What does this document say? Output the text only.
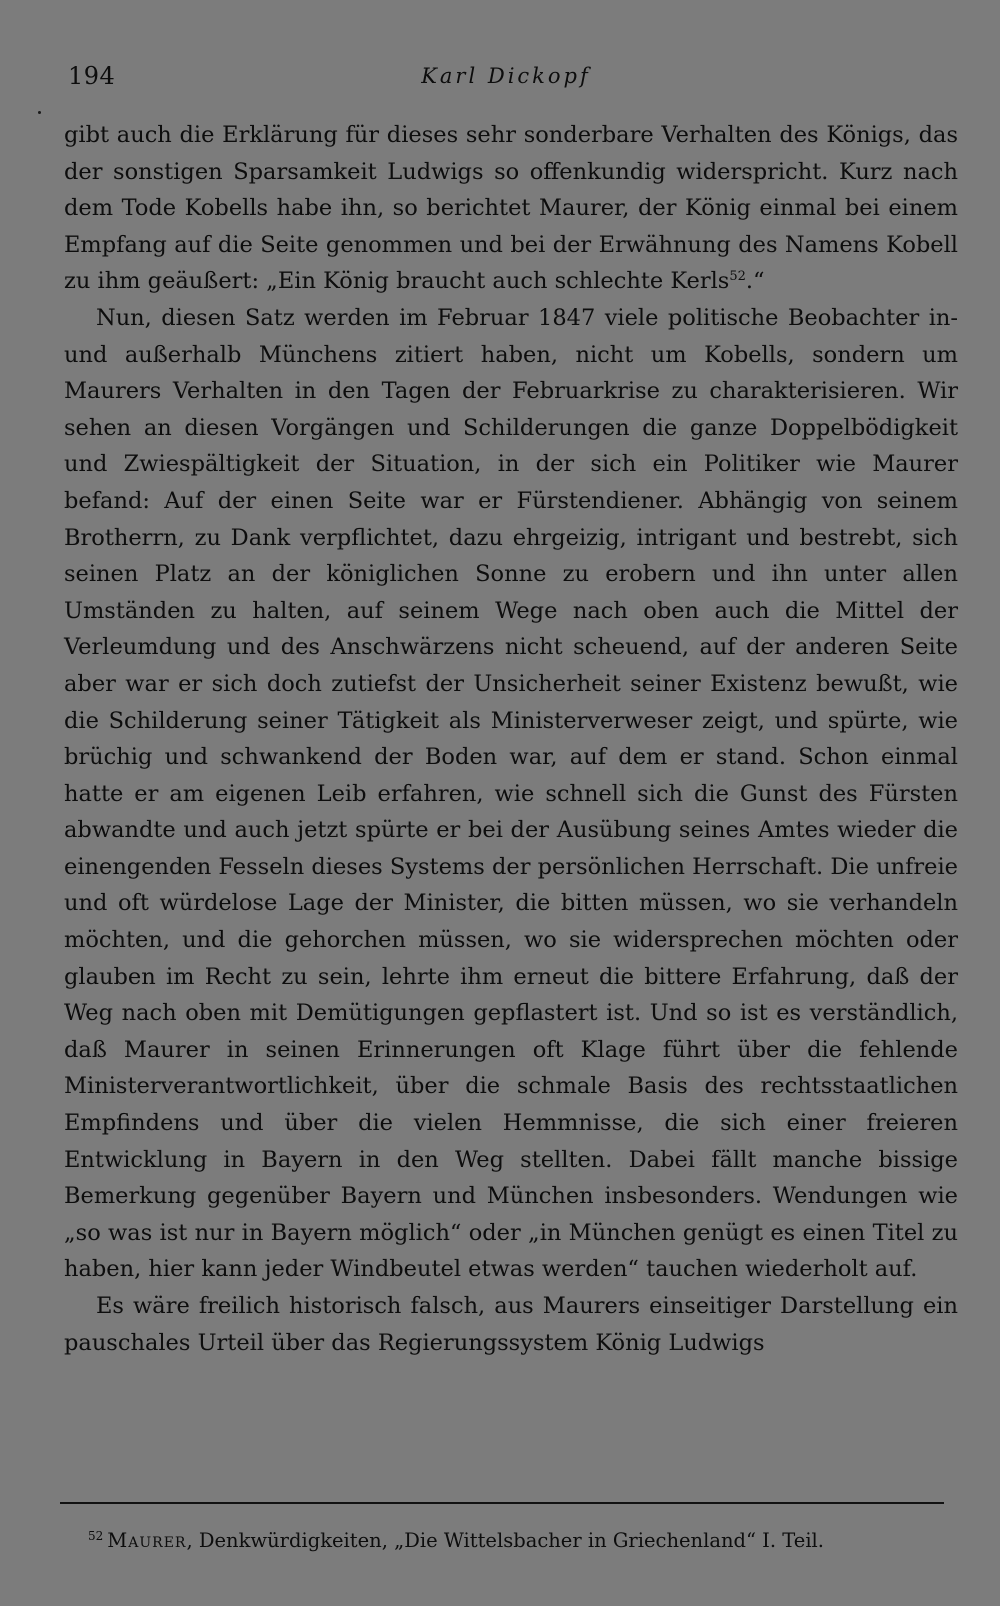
194	Karl Dickopf

gibt auch die Erklärung für dieses sehr sonderbare Verhalten des Königs, das der sonstigen Sparsamkeit Ludwigs so offenkundig widerspricht. Kurz nach dem Tode Kobells habe ihn, so berichtet Maurer, der König einmal bei einem Empfang auf die Seite genommen und bei der Erwähnung des Namens Kobell zu ihm geäußert: „Ein König braucht auch schlechte Kerls$^{52}$.“

Nun, diesen Satz werden im Februar 1847 viele politische Beobachter in- und außerhalb Münchens zitiert haben, nicht um Kobells, sondern um Maurers Verhalten in den Tagen der Februarkrise zu charakterisieren. Wir sehen an diesen Vorgängen und Schilderungen die ganze Doppelbödigkeit und Zwiespältigkeit der Situation, in der sich ein Politiker wie Maurer befand: Auf der einen Seite war er Fürstendiener. Abhängig von seinem Brotherrn, zu Dank verpflichtet, dazu ehrgeizig, intrigant und bestrebt, sich seinen Platz an der königlichen Sonne zu erobern und ihn unter allen Umständen zu halten, auf seinem Wege nach oben auch die Mittel der Verleumdung und des Anschwärzens nicht scheuend, auf der anderen Seite aber war er sich doch zutiefst der Unsicherheit seiner Existenz bewußt, wie die Schilderung seiner Tätigkeit als Ministerverweser zeigt, und spürte, wie brüchig und schwankend der Boden war, auf dem er stand. Schon einmal hatte er am eigenen Leib erfahren, wie schnell sich die Gunst des Fürsten abwandte und auch jetzt spürte er bei der Ausübung seines Amtes wieder die einengenden Fesseln dieses Systems der persönlichen Herrschaft. Die unfreie und oft würdelose Lage der Minister, die bitten müssen, wo sie verhandeln möchten, und die gehorchen müssen, wo sie widersprechen möchten oder glauben im Recht zu sein, lehrte ihm erneut die bittere Erfahrung, daß der Weg nach oben mit Demütigungen gepflastert ist. Und so ist es verständlich, daß Maurer in seinen Erinnerungen oft Klage führt über die fehlende Ministerverantwortlichkeit, über die schmale Basis des rechtsstaatlichen Empfindens und über die vielen Hemmnisse, die sich einer freieren Entwicklung in Bayern in den Weg stellten. Dabei fällt manche bissige Bemerkung gegenüber Bayern und München insbesonders. Wendungen wie „so was ist nur in Bayern möglich“ oder „in München genügt es einen Titel zu haben, hier kann jeder Windbeutel etwas werden“ tauchen wiederholt auf.

Es wäre freilich historisch falsch, aus Maurers einseitiger Darstellung ein pauschales Urteil über das Regierungssystem König Ludwigs

$^{52}$ Maurer, Denkwürdigkeiten, „Die Wittelsbacher in Griechenland“ I. Teil.
